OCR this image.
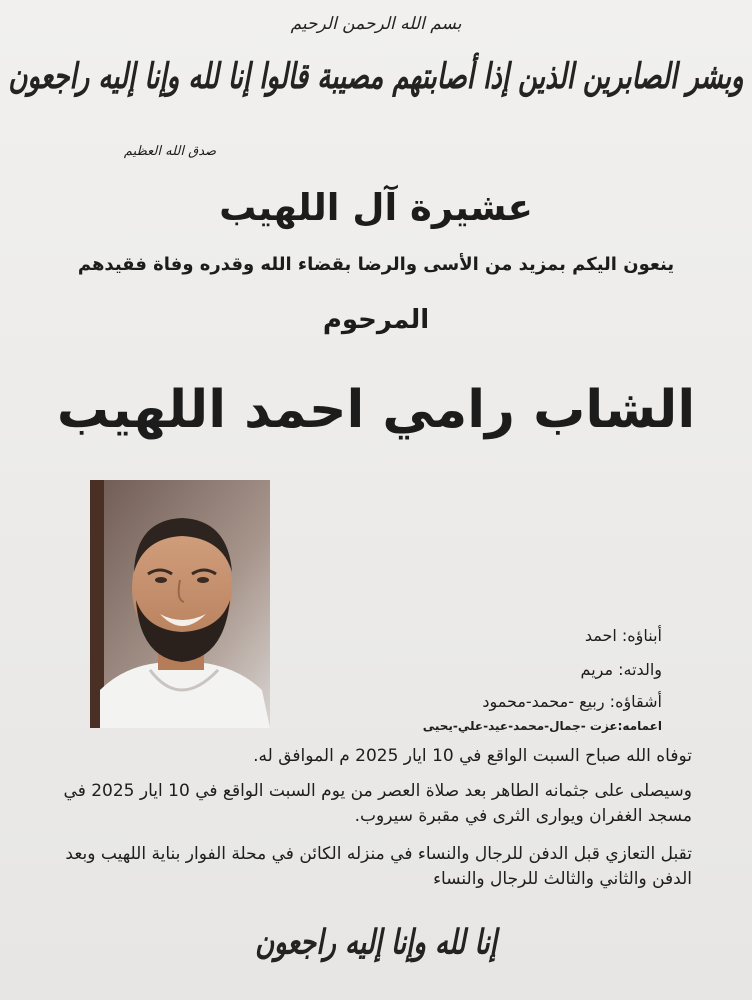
بسم الله الرحمن الرحيم
وبشر الصابرين الذين إذا أصابتهم مصيبة قالوا إنا لله وإنا إليه راجعون
صدق الله العظيم
عشيرة آل اللهيب
ينعون اليكم بمزيد من الأسى والرضا بقضاء الله وقدره وفاة فقيدهم
المرحوم
الشاب رامي احمد اللهيب
أبناؤه: احمد
والدته: مريم
أشقاؤه: ربيع -محمد-محمود
اعمامه:عزت -جمال-محمد-عيد-علي-يحيى
توفاه الله صباح السبت الواقع في 10 ايار 2025 م الموافق له.
وسيصلى على جثمانه الطاهر بعد صلاة العصر من يوم السبت الواقع في 10 ايار 2025 في مسجد الغفران ويوارى الثرى في مقبرة سيروب.
تقبل التعازي قبل الدفن للرجال والنساء في منزله الكائن في محلة الفوار بناية اللهيب وبعد الدفن والثاني والثالث للرجال والنساء
إنا لله وإنا إليه راجعون
